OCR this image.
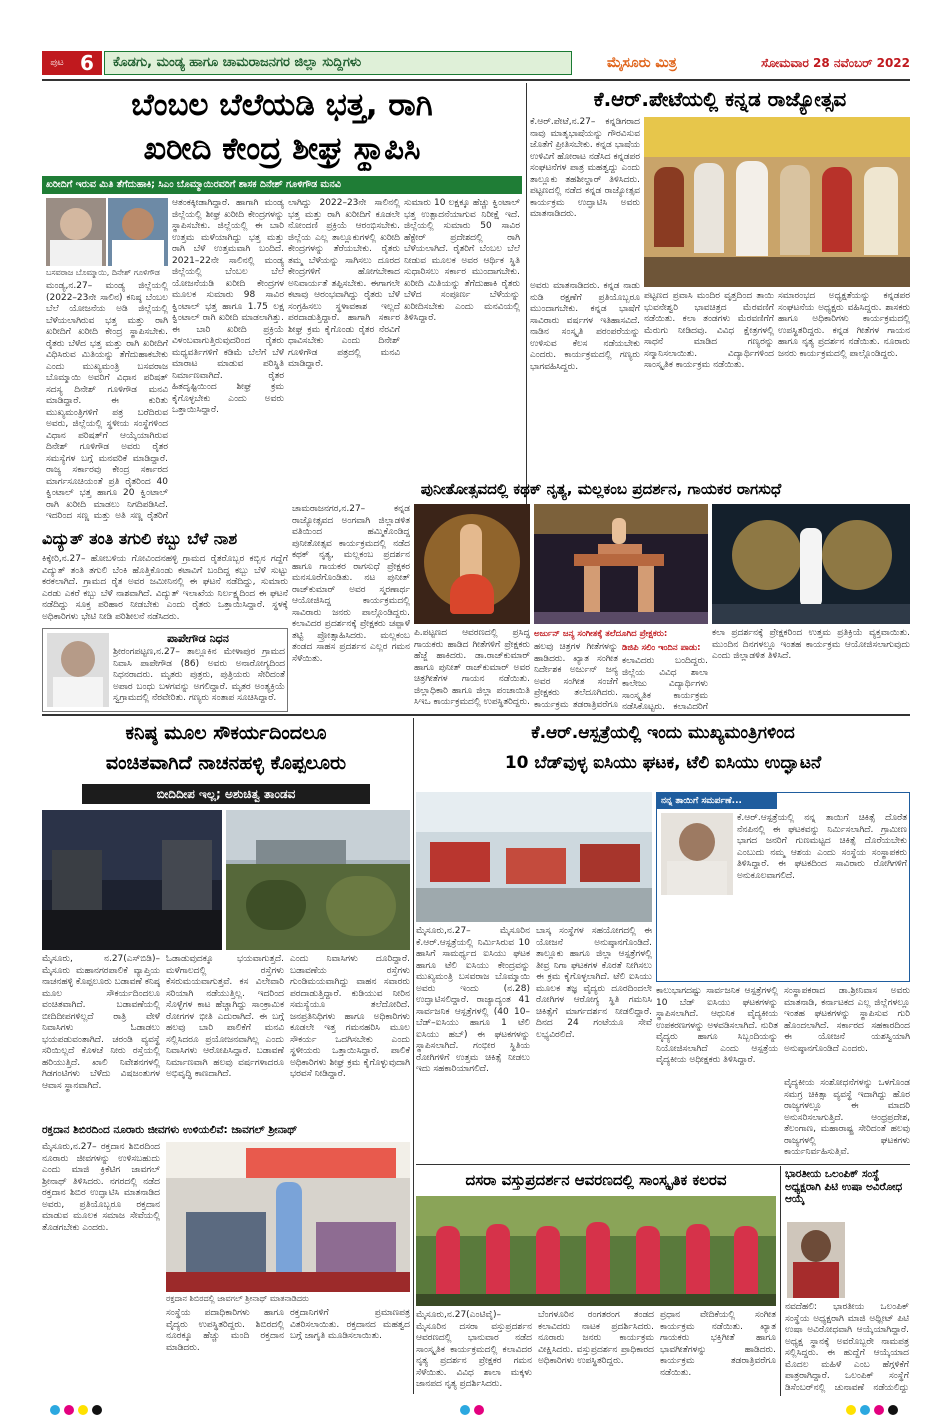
ಪುಟ 6	ಕೊಡಗು, ಮಂಡ್ಯ ಹಾಗೂ ಚಾಮರಾಜನಗರ ಜಿಲ್ಲಾ ಸುದ್ದಿಗಳು	ಮೈಸೂರು ಮಿತ್ರ	ಸೋಮವಾರ 28 ನವೆಂಬರ್ 2022
ಬೆಂಬಲ ಬೆಲೆಯಡಿ ಭತ್ತ, ರಾಗಿ
ಖರೀದಿ ಕೇಂದ್ರ ಶೀಘ್ರ ಸ್ಥಾಪಿಸಿ
ಖರೀದಿಗೆ ಇರುವ ಮಿತಿ ತೆಗೆದುಹಾಕಿ; ಸಿಎಂ ಬೊಮ್ಮಾಯಿರವರಿಗೆ ಶಾಸಕ ದಿನೇಶ್ ಗೂಳಿಗೌಡ ಮನವಿ
ಬಸವರಾಜ ಬೊಮ್ಮಾಯಿ, ದಿನೇಶ್ ಗೂಳಿಗೌಡ
ಮಂಡ್ಯ,ನ.27– ಮಂಡ್ಯ ಜಿಲ್ಲೆಯಲ್ಲಿ (2022–23ನೇ ಸಾಲಿನ) ಕನಿಷ್ಠ ಬೆಂಬಲ ಬೆಲೆ ಯೋಜನೆಯ ಅಡಿ ಜಿಲ್ಲೆಯಲ್ಲಿ ಬೆಳೆಯಲಾಗಿರುವ ಭತ್ತ ಮತ್ತು ರಾಗಿ ಖರೀದಿಗೆ ಖರೀದಿ ಕೇಂದ್ರ ಸ್ಥಾಪಿಸಬೇಕು. ರೈತರು ಬೆಳೆದ ಭತ್ತ ಮತ್ತು ರಾಗಿ ಖರೀದಿಗೆ ವಿಧಿಸಿರುವ ಮಿತಿಯನ್ನು ತೆಗೆದುಹಾಕಬೇಕು ಎಂದು ಮುಖ್ಯಮಂತ್ರಿ ಬಸವರಾಜ ಬೊಮ್ಮಾಯಿ ಅವರಿಗೆ ವಿಧಾನ ಪರಿಷತ್ ಸದಸ್ಯ ದಿನೇಶ್ ಗೂಳಿಗೌಡ ಮನವಿ ಮಾಡಿದ್ದಾರೆ. ಈ ಕುರಿತು ಮುಖ್ಯಮಂತ್ರಿಗಳಿಗೆ ಪತ್ರ ಬರೆದಿರುವ ಅವರು, ಜಿಲ್ಲೆಯಲ್ಲಿ ಸ್ಥಳೀಯ ಸಂಸ್ಥೆಗಳಿಂದ ವಿಧಾನ ಪರಿಷತ್‌ಗೆ ಆಯ್ಕೆಯಾಗಿರುವ ದಿನೇಶ್ ಗೂಳಿಗೌಡ ಅವರು ರೈತರ ಸಮಸ್ಯೆಗಳ ಬಗ್ಗೆ ಮನವರಿಕೆ ಮಾಡಿದ್ದಾರೆ. ರಾಜ್ಯ ಸರ್ಕಾರವು ಕೇಂದ್ರ ಸರ್ಕಾರದ ಮಾರ್ಗಸೂಚಿಯಂತೆ ಪ್ರತಿ ರೈತರಿಂದ 40 ಕ್ವಿಂಟಾಲ್ ಭತ್ತ ಹಾಗೂ 20 ಕ್ವಿಂಟಾಲ್ ರಾಗಿ ಖರೀದಿ ಮಾಡಲು ನಿಗದಿಪಡಿಸಿದೆ. ಇದರಿಂದ ಸಣ್ಣ ಮತ್ತು ಅತಿ ಸಣ್ಣ ರೈತರಿಗೆ
ಆತಂಕಕ್ಕೀಡಾಗಿದ್ದಾರೆ. ಹಾಗಾಗಿ ಮಂಡ್ಯ ಜಿಲ್ಲೆಯಲ್ಲಿ ಶೀಘ್ರ ಖರೀದಿ ಕೇಂದ್ರಗಳನ್ನು ಸ್ಥಾಪಿಸಬೇಕು. ಜಿಲ್ಲೆಯಲ್ಲಿ ಈ ಬಾರಿ ಉತ್ತಮ ಮಳೆಯಾಗಿದ್ದು ಭತ್ತ ಮತ್ತು ರಾಗಿ ಬೆಳೆ ಉತ್ತಮವಾಗಿ ಬಂದಿದೆ. 2021–22ನೇ ಸಾಲಿನಲ್ಲಿ ಮಂಡ್ಯ ಜಿಲ್ಲೆಯಲ್ಲಿ ಬೆಂಬಲ ಬೆಲೆ ಯೋಜನೆಯಡಿ ಖರೀದಿ ಕೇಂದ್ರಗಳ ಮೂಲಕ ಸುಮಾರು 98 ಸಾವಿರ ಕ್ವಿಂಟಾಲ್ ಭತ್ತ ಹಾಗೂ 1.75 ಲಕ್ಷ ಕ್ವಿಂಟಾಲ್ ರಾಗಿ ಖರೀದಿ ಮಾಡಲಾಗಿತ್ತು. ಈ ಬಾರಿ ಖರೀದಿ ಪ್ರಕ್ರಿಯೆ ವಿಳಂಬವಾಗುತ್ತಿರುವುದರಿಂದ ರೈತರು ಮಧ್ಯವರ್ತಿಗಳಿಗೆ ಕಡಿಮೆ ಬೆಲೆಗೆ ಬೆಳೆ ಮಾರಾಟ ಮಾಡುವ ಪರಿಸ್ಥಿತಿ ನಿರ್ಮಾಣವಾಗಿದೆ. ರೈತರ ಹಿತದೃಷ್ಟಿಯಿಂದ ಶೀಘ್ರ ಕ್ರಮ ಕೈಗೊಳ್ಳಬೇಕು ಎಂದು ಅವರು ಒತ್ತಾಯಿಸಿದ್ದಾರೆ.
ಲಾಗಿದ್ದು 2022–23ನೇ ಸಾಲಿನಲ್ಲಿ ಭತ್ತ ಮತ್ತು ರಾಗಿ ಖರೀದಿಗೆ ಕೂಡಲೇ ನೋಂದಣಿ ಪ್ರಕ್ರಿಯೆ ಆರಂಭಿಸಬೇಕು. ಜಿಲ್ಲೆಯ ಎಲ್ಲ ತಾಲ್ಲೂಕುಗಳಲ್ಲಿ ಖರೀದಿ ಕೇಂದ್ರಗಳನ್ನು ತೆರೆಯಬೇಕು. ರೈತರು ತಮ್ಮ ಬೆಳೆಯನ್ನು ಸಾಗಿಸಲು ದೂರದ ಕೇಂದ್ರಗಳಿಗೆ ಹೋಗಬೇಕಾದ ಅನಿವಾರ್ಯತೆ ತಪ್ಪಿಸಬೇಕು. ಈಗಾಗಲೇ ಕಟಾವು ಆರಂಭವಾಗಿದ್ದು ರೈತರು ಬೆಳೆ ಸಂಗ್ರಹಿಸಲು ಸ್ಥಳಾವಕಾಶ ಇಲ್ಲದೆ ಪರದಾಡುತ್ತಿದ್ದಾರೆ. ಹಾಗಾಗಿ ಸರ್ಕಾರ ಶೀಘ್ರ ಕ್ರಮ ಕೈಗೊಂಡು ರೈತರ ನೆರವಿಗೆ ಧಾವಿಸಬೇಕು ಎಂದು ದಿನೇಶ್ ಗೂಳಿಗೌಡ ಪತ್ರದಲ್ಲಿ ಮನವಿ ಮಾಡಿದ್ದಾರೆ.
ಸುಮಾರು 10 ಲಕ್ಷಕ್ಕೂ ಹೆಚ್ಚು ಕ್ವಿಂಟಾಲ್ ಭತ್ತ ಉತ್ಪಾದನೆಯಾಗುವ ನಿರೀಕ್ಷೆ ಇದೆ. ಜಿಲ್ಲೆಯಲ್ಲಿ ಸುಮಾರು 50 ಸಾವಿರ ಹೆಕ್ಟೇರ್ ಪ್ರದೇಶದಲ್ಲಿ ರಾಗಿ ಬೆಳೆಯಲಾಗಿದೆ. ರೈತರಿಗೆ ಬೆಂಬಲ ಬೆಲೆ ನೀಡುವ ಮೂಲಕ ಅವರ ಆರ್ಥಿಕ ಸ್ಥಿತಿ ಸುಧಾರಿಸಲು ಸರ್ಕಾರ ಮುಂದಾಗಬೇಕು. ಖರೀದಿ ಮಿತಿಯನ್ನು ತೆಗೆದುಹಾಕಿ ರೈತರು ಬೆಳೆದ ಸಂಪೂರ್ಣ ಬೆಳೆಯನ್ನು ಖರೀದಿಸಬೇಕು ಎಂದು ಮನವಿಯಲ್ಲಿ ತಿಳಿಸಿದ್ದಾರೆ.
ಕೆ.ಆರ್.ಪೇಟೆಯಲ್ಲಿ ಕನ್ನಡ ರಾಜ್ಯೋತ್ಸವ
ಕೆ.ಆರ್.ಪೇಟೆ,ನ.27– ಕನ್ನಡಿಗರಾದ ನಾವು ಮಾತೃಭಾಷೆಯನ್ನು ಗೌರವಿಸುವ ಜೊತೆಗೆ ಪ್ರೀತಿಸಬೇಕು. ಕನ್ನಡ ಭಾಷೆಯ ಉಳಿವಿಗೆ ಹೋರಾಟ ನಡೆಸಿದ ಕನ್ನಡಪರ ಸಂಘಟನೆಗಳ ಪಾತ್ರ ಮಹತ್ವದ್ದು ಎಂದು ತಾಲ್ಲೂಕು ತಹಶೀಲ್ದಾರ್ ತಿಳಿಸಿದರು. ಪಟ್ಟಣದಲ್ಲಿ ನಡೆದ ಕನ್ನಡ ರಾಜ್ಯೋತ್ಸವ ಕಾರ್ಯಕ್ರಮ ಉದ್ಘಾಟಿಸಿ ಅವರು ಮಾತನಾಡಿದರು.
ಅವರು ಮಾತನಾಡಿದರು. ಕನ್ನಡ ನಾಡು ನುಡಿ ರಕ್ಷಣೆಗೆ ಪ್ರತಿಯೊಬ್ಬರೂ ಮುಂದಾಗಬೇಕು. ಕನ್ನಡ ಭಾಷೆಗೆ ಸಾವಿರಾರು ವರ್ಷಗಳ ಇತಿಹಾಸವಿದೆ. ನಾಡಿನ ಸಂಸ್ಕೃತಿ ಪರಂಪರೆಯನ್ನು ಉಳಿಸುವ ಕೆಲಸ ನಡೆಯಬೇಕು ಎಂದರು. ಕಾರ್ಯಕ್ರಮದಲ್ಲಿ ಗಣ್ಯರು ಭಾಗವಹಿಸಿದ್ದರು.
ಪಟ್ಟಣದ ಪ್ರವಾಸಿ ಮಂದಿರ ವೃತ್ತದಿಂದ ತಾಯಿ ಭುವನೇಶ್ವರಿ ಭಾವಚಿತ್ರದ ಮೆರವಣಿಗೆ ನಡೆಯಿತು. ಕಲಾ ತಂಡಗಳು ಮೆರವಣಿಗೆಗೆ ಮೆರುಗು ನೀಡಿದವು. ವಿವಿಧ ಕ್ಷೇತ್ರಗಳಲ್ಲಿ ಸಾಧನೆ ಮಾಡಿದ ಗಣ್ಯರನ್ನು ಸನ್ಮಾನಿಸಲಾಯಿತು. ವಿದ್ಯಾರ್ಥಿಗಳಿಂದ ಸಾಂಸ್ಕೃತಿಕ ಕಾರ್ಯಕ್ರಮ ನಡೆಯಿತು.
ಸಮಾರಂಭದ ಅಧ್ಯಕ್ಷತೆಯನ್ನು ಕನ್ನಡಪರ ಸಂಘಟನೆಯ ಅಧ್ಯಕ್ಷರು ವಹಿಸಿದ್ದರು. ಶಾಸಕರು ಹಾಗೂ ಅಧಿಕಾರಿಗಳು ಕಾರ್ಯಕ್ರಮದಲ್ಲಿ ಉಪಸ್ಥಿತರಿದ್ದರು. ಕನ್ನಡ ಗೀತೆಗಳ ಗಾಯನ ಹಾಗೂ ನೃತ್ಯ ಪ್ರದರ್ಶನ ನಡೆಯಿತು. ನೂರಾರು ಜನರು ಕಾರ್ಯಕ್ರಮದಲ್ಲಿ ಪಾಲ್ಗೊಂಡಿದ್ದರು.
ವಿದ್ಯುತ್ ತಂತಿ ತಗುಲಿ ಕಬ್ಬು ಬೆಳೆ ನಾಶ
ಕಿಕ್ಕೇರಿ,ನ.27– ಹೋಬಳಿಯ ಗೋವಿಂದನಹಳ್ಳಿ ಗ್ರಾಮದ ರೈತರೊಬ್ಬರ ಕಬ್ಬಿನ ಗದ್ದೆಗೆ ವಿದ್ಯುತ್ ತಂತಿ ತಗುಲಿ ಬೆಂಕಿ ಹೊತ್ತಿಕೊಂಡು ಕಟಾವಿಗೆ ಬಂದಿದ್ದ ಕಬ್ಬು ಬೆಳೆ ಸುಟ್ಟು ಕರಕಲಾಗಿದೆ. ಗ್ರಾಮದ ರೈತ ಅವರ ಜಮೀನಿನಲ್ಲಿ ಈ ಘಟನೆ ನಡೆದಿದ್ದು, ಸುಮಾರು ಎರಡು ಎಕರೆ ಕಬ್ಬು ಬೆಳೆ ನಾಶವಾಗಿದೆ. ವಿದ್ಯುತ್ ಇಲಾಖೆಯ ನಿರ್ಲಕ್ಷ್ಯದಿಂದ ಈ ಘಟನೆ ನಡೆದಿದ್ದು ಸೂಕ್ತ ಪರಿಹಾರ ನೀಡಬೇಕು ಎಂದು ರೈತರು ಒತ್ತಾಯಿಸಿದ್ದಾರೆ. ಸ್ಥಳಕ್ಕೆ ಅಧಿಕಾರಿಗಳು ಭೇಟಿ ನೀಡಿ ಪರಿಶೀಲನೆ ನಡೆಸಿದರು.
ಪಾಪೇಗೌಡ ನಿಧನ
ಶ್ರೀರಂಗಪಟ್ಟಣ,ನ.27– ತಾಲ್ಲೂಕಿನ ಮೇಳಾಪುರ ಗ್ರಾಮದ ನಿವಾಸಿ ಪಾಪೇಗೌಡ (86) ಅವರು ಅನಾರೋಗ್ಯದಿಂದ ನಿಧನರಾದರು. ಮೃತರು ಪುತ್ರರು, ಪುತ್ರಿಯರು ಸೇರಿದಂತೆ ಅಪಾರ ಬಂಧು ಬಳಗವನ್ನು ಅಗಲಿದ್ದಾರೆ. ಮೃತರ ಅಂತ್ಯಕ್ರಿಯೆ ಸ್ವಗ್ರಾಮದಲ್ಲಿ ನೆರವೇರಿತು. ಗಣ್ಯರು ಸಂತಾಪ ಸೂಚಿಸಿದ್ದಾರೆ.
ಪುನೀತೋತ್ಸವದಲ್ಲಿ ಕಥಕ್ ನೃತ್ಯ, ಮಲ್ಲಕಂಬ ಪ್ರದರ್ಶನ, ಗಾಯಕರ ರಾಗಸುಧೆ
ಚಾಮರಾಜನಗರ,ನ.27– ಕನ್ನಡ ರಾಜ್ಯೋತ್ಸವದ ಅಂಗವಾಗಿ ಜಿಲ್ಲಾಡಳಿತ ವತಿಯಿಂದ ಹಮ್ಮಿಕೊಂಡಿದ್ದ ಪುನೀತೋತ್ಸವ ಕಾರ್ಯಕ್ರಮದಲ್ಲಿ ನಡೆದ ಕಥಕ್ ನೃತ್ಯ, ಮಲ್ಲಕಂಬ ಪ್ರದರ್ಶನ ಹಾಗೂ ಗಾಯಕರ ರಾಗಸುಧೆ ಪ್ರೇಕ್ಷಕರ ಮನಸೂರೆಗೊಂಡಿತು. ನಟ ಪುನೀತ್ ರಾಜ್‌ಕುಮಾರ್ ಅವರ ಸ್ಮರಣಾರ್ಥ ಆಯೋಜಿಸಿದ್ದ ಕಾರ್ಯಕ್ರಮದಲ್ಲಿ ಸಾವಿರಾರು ಜನರು ಪಾಲ್ಗೊಂಡಿದ್ದರು. ಕಲಾವಿದರ ಪ್ರದರ್ಶನಕ್ಕೆ ಪ್ರೇಕ್ಷಕರು ಚಪ್ಪಾಳೆ ತಟ್ಟಿ ಪ್ರೋತ್ಸಾಹಿಸಿದರು. ಮಲ್ಲಕಂಬ ತಂಡದ ಸಾಹಸ ಪ್ರದರ್ಶನ ಎಲ್ಲರ ಗಮನ ಸೆಳೆಯಿತು.
ಪಿ.ಪಟ್ಟಣದ ಆವರಣದಲ್ಲಿ ಪ್ರಸಿದ್ಧ ಗಾಯಕರು ಹಾಡಿದ ಗೀತೆಗಳಿಗೆ ಪ್ರೇಕ್ಷಕರು ಹೆಜ್ಜೆ ಹಾಕಿದರು. ಡಾ.ರಾಜ್‌ಕುಮಾರ್ ಹಾಗೂ ಪುನೀತ್ ರಾಜ್‌ಕುಮಾರ್ ಅವರ ಚಿತ್ರಗೀತೆಗಳ ಗಾಯನ ನಡೆಯಿತು. ಜಿಲ್ಲಾಧಿಕಾರಿ ಹಾಗೂ ಜಿಲ್ಲಾ ಪಂಚಾಯಿತಿ ಸಿಇಒ ಕಾರ್ಯಕ್ರಮದಲ್ಲಿ ಉಪಸ್ಥಿತರಿದ್ದರು.
ಅರ್ಜುನ್ ಜನ್ಯ ಸಂಗೀತಕ್ಕೆ ತಲೆದೂಗಿದ ಪ್ರೇಕ್ಷಕರು:
ಹಲವು ಚಿತ್ರಗಳ ಗೀತೆಗಳನ್ನು ಹಾಡಿದರು. ಖ್ಯಾತ ಸಂಗೀತ ನಿರ್ದೇಶಕ ಅರ್ಜುನ್ ಜನ್ಯ ಅವರ ಸಂಗೀತ ಸಂಜೆಗೆ ಪ್ರೇಕ್ಷಕರು ತಲೆದೂಗಿದರು. ಕಾರ್ಯಕ್ರಮ ತಡರಾತ್ರಿವರೆಗೂ
ಡಿಜಿಪಿ ಸಲಿಂ ಇಂದಿನ ಪಾಡು:
ಕಲಾವಿದರು ಬಂದಿದ್ದರು. ಜಿಲ್ಲೆಯ ವಿವಿಧ ಶಾಲಾ ಕಾಲೇಜು ವಿದ್ಯಾರ್ಥಿಗಳು ಸಾಂಸ್ಕೃತಿಕ ಕಾರ್ಯಕ್ರಮ ನಡೆಸಿಕೊಟ್ಟರು. ಕಲಾವಿದರಿಗೆ
ಕಲಾ ಪ್ರದರ್ಶನಕ್ಕೆ ಪ್ರೇಕ್ಷಕರಿಂದ ಉತ್ತಮ ಪ್ರತಿಕ್ರಿಯೆ ವ್ಯಕ್ತವಾಯಿತು. ಮುಂದಿನ ದಿನಗಳಲ್ಲೂ ಇಂತಹ ಕಾರ್ಯಕ್ರಮ ಆಯೋಜಿಸಲಾಗುವುದು ಎಂದು ಜಿಲ್ಲಾಡಳಿತ ತಿಳಿಸಿದೆ.
ಕನಿಷ್ಠ ಮೂಲ ಸೌಕರ್ಯದಿಂದಲೂ
ವಂಚಿತವಾಗಿದೆ ನಾಚನಹಳ್ಳಿ ಕೊಪ್ಪಲೂರು
ಬೀದಿದೀಪ ಇಲ್ಲ; ಅಶುಚಿತ್ವ ತಾಂಡವ
ಮೈಸೂರು, ನ.27(ಎಸ್‌ಬಿಡಿ)– ಮೈಸೂರು ಮಹಾನಗರಪಾಲಿಕೆ ವ್ಯಾಪ್ತಿಯ ನಾಚನಹಳ್ಳಿ ಕೊಪ್ಪಲೂರು ಬಡಾವಣೆ ಕನಿಷ್ಠ ಮೂಲ ಸೌಕರ್ಯದಿಂದಲೂ ವಂಚಿತವಾಗಿದೆ. ಬಡಾವಣೆಯಲ್ಲಿ ಬೀದಿದೀಪಗಳಿಲ್ಲದೆ ರಾತ್ರಿ ವೇಳೆ ನಿವಾಸಿಗಳು ಓಡಾಡಲು ಭಯಪಡುವಂತಾಗಿದೆ. ಚರಂಡಿ ವ್ಯವಸ್ಥೆ ಸರಿಯಿಲ್ಲದೆ ಕೊಳಚೆ ನೀರು ರಸ್ತೆಯಲ್ಲಿ ಹರಿಯುತ್ತಿದೆ. ಖಾಲಿ ನಿವೇಶನಗಳಲ್ಲಿ ಗಿಡಗಂಟಿಗಳು ಬೆಳೆದು ವಿಷಜಂತುಗಳ ಆವಾಸ ಸ್ಥಾನವಾಗಿದೆ.
ಓಡಾಡುವುದಕ್ಕೂ ಭಯವಾಗುತ್ತದೆ. ಮಳೆಗಾಲದಲ್ಲಿ ರಸ್ತೆಗಳು ಕೆಸರುಮಯವಾಗುತ್ತವೆ. ಕಸ ವಿಲೇವಾರಿ ಸರಿಯಾಗಿ ನಡೆಯುತ್ತಿಲ್ಲ. ಇದರಿಂದ ಸೊಳ್ಳೆಗಳ ಕಾಟ ಹೆಚ್ಚಾಗಿದ್ದು ಸಾಂಕ್ರಾಮಿಕ ರೋಗಗಳ ಭೀತಿ ಎದುರಾಗಿದೆ. ಈ ಬಗ್ಗೆ ಹಲವು ಬಾರಿ ಪಾಲಿಕೆಗೆ ಮನವಿ ಸಲ್ಲಿಸಿದರೂ ಪ್ರಯೋಜನವಾಗಿಲ್ಲ ಎಂದು ನಿವಾಸಿಗಳು ಆರೋಪಿಸಿದ್ದಾರೆ. ಬಡಾವಣೆ ನಿರ್ಮಾಣವಾಗಿ ಹಲವು ವರ್ಷಗಳಾದರೂ ಅಭಿವೃದ್ಧಿ ಕಾಣದಾಗಿದೆ.
ಎಂದು ನಿವಾಸಿಗಳು ದೂರಿದ್ದಾರೆ. ಬಡಾವಣೆಯ ರಸ್ತೆಗಳು ಗುಂಡಿಮಯವಾಗಿದ್ದು ವಾಹನ ಸವಾರರು ಪರದಾಡುತ್ತಿದ್ದಾರೆ. ಕುಡಿಯುವ ನೀರಿನ ಸಮಸ್ಯೆಯೂ ತಲೆದೋರಿದೆ. ಜನಪ್ರತಿನಿಧಿಗಳು ಹಾಗೂ ಅಧಿಕಾರಿಗಳು ಕೂಡಲೇ ಇತ್ತ ಗಮನಹರಿಸಿ ಮೂಲ ಸೌಕರ್ಯ ಒದಗಿಸಬೇಕು ಎಂದು ಸ್ಥಳೀಯರು ಒತ್ತಾಯಿಸಿದ್ದಾರೆ. ಪಾಲಿಕೆ ಅಧಿಕಾರಿಗಳು ಶೀಘ್ರ ಕ್ರಮ ಕೈಗೊಳ್ಳುವುದಾಗಿ ಭರವಸೆ ನೀಡಿದ್ದಾರೆ.
ರಕ್ತದಾನ ಶಿಬಿರದಿಂದ ನೂರಾರು ಜೀವಗಳು ಉಳಿಯಲಿವೆ: ಜಾವಗಲ್ ಶ್ರೀನಾಥ್
ಮೈಸೂರು,ನ.27– ರಕ್ತದಾನ ಶಿಬಿರದಿಂದ ನೂರಾರು ಜೀವಗಳನ್ನು ಉಳಿಸಬಹುದು ಎಂದು ಮಾಜಿ ಕ್ರಿಕೆಟಿಗ ಜಾವಗಲ್ ಶ್ರೀನಾಥ್ ತಿಳಿಸಿದರು. ನಗರದಲ್ಲಿ ನಡೆದ ರಕ್ತದಾನ ಶಿಬಿರ ಉದ್ಘಾಟಿಸಿ ಮಾತನಾಡಿದ ಅವರು, ಪ್ರತಿಯೊಬ್ಬರೂ ರಕ್ತದಾನ ಮಾಡುವ ಮೂಲಕ ಸಮಾಜ ಸೇವೆಯಲ್ಲಿ ತೊಡಗಬೇಕು ಎಂದರು.
ರಕ್ತದಾನ ಶಿಬಿರದಲ್ಲಿ ಜಾವಗಲ್ ಶ್ರೀನಾಥ್ ಮಾತನಾಡಿದರು
ಸಂಸ್ಥೆಯ ಪದಾಧಿಕಾರಿಗಳು ಹಾಗೂ ವೈದ್ಯರು ಉಪಸ್ಥಿತರಿದ್ದರು. ಶಿಬಿರದಲ್ಲಿ ನೂರಕ್ಕೂ ಹೆಚ್ಚು ಮಂದಿ ರಕ್ತದಾನ ಮಾಡಿದರು.
ರಕ್ತದಾನಿಗಳಿಗೆ ಪ್ರಮಾಣಪತ್ರ ವಿತರಿಸಲಾಯಿತು. ರಕ್ತದಾನದ ಮಹತ್ವದ ಬಗ್ಗೆ ಜಾಗೃತಿ ಮೂಡಿಸಲಾಯಿತು.
ಕೆ.ಆರ್.ಆಸ್ಪತ್ರೆಯಲ್ಲಿ ಇಂದು ಮುಖ್ಯಮಂತ್ರಿಗಳಿಂದ
10 ಬೆಡ್‌ವುಳ್ಳ ಐಸಿಯು ಘಟಕ, ಟೆಲಿ ಐಸಿಯು ಉದ್ಘಾಟನೆ
ನನ್ನ ತಾಯಿಗೆ ಸಮರ್ಪಣೆ...
ಕೆ.ಆರ್.ಆಸ್ಪತ್ರೆಯಲ್ಲಿ ನನ್ನ ತಾಯಿಗೆ ಚಿಕಿತ್ಸೆ ದೊರೆತ ನೆನಪಿನಲ್ಲಿ ಈ ಘಟಕವನ್ನು ನಿರ್ಮಿಸಲಾಗಿದೆ. ಗ್ರಾಮೀಣ ಭಾಗದ ಜನರಿಗೆ ಗುಣಮಟ್ಟದ ಚಿಕಿತ್ಸೆ ದೊರೆಯಬೇಕು ಎಂಬುದು ನಮ್ಮ ಆಶಯ ಎಂದು ಸಂಸ್ಥೆಯ ಸಂಸ್ಥಾಪಕರು ತಿಳಿಸಿದ್ದಾರೆ. ಈ ಘಟಕದಿಂದ ಸಾವಿರಾರು ರೋಗಿಗಳಿಗೆ ಅನುಕೂಲವಾಗಲಿದೆ.
ಮೈಸೂರು,ನ.27– ಮೈಸೂರಿನ ಕೆ.ಆರ್.ಆಸ್ಪತ್ರೆಯಲ್ಲಿ ನಿರ್ಮಿಸಿರುವ 10 ಹಾಸಿಗೆ ಸಾಮರ್ಥ್ಯದ ಐಸಿಯು ಘಟಕ ಹಾಗೂ ಟೆಲಿ ಐಸಿಯು ಕೇಂದ್ರವನ್ನು ಮುಖ್ಯಮಂತ್ರಿ ಬಸವರಾಜ ಬೊಮ್ಮಾಯಿ ಅವರು ಇಂದು (ನ.28) ಉದ್ಘಾಟಿಸಲಿದ್ದಾರೆ. ರಾಜ್ಯಾದ್ಯಂತ 41 ಸಾರ್ವಜನಿಕ ಆಸ್ಪತ್ರೆಗಳಲ್ಲಿ (40 10–ಬೆಡ್–ಐಸಿಯು ಹಾಗೂ 1 ಟೆಲಿ ಐಸಿಯು ಹಬ್) ಈ ಘಟಕಗಳನ್ನು ಸ್ಥಾಪಿಸಲಾಗಿದೆ. ಗಂಭೀರ ಸ್ಥಿತಿಯ ರೋಗಿಗಳಿಗೆ ಉತ್ತಮ ಚಿಕಿತ್ಸೆ ನೀಡಲು ಇದು ಸಹಕಾರಿಯಾಗಲಿದೆ.
ಬಾಸ್ಕ ಸಂಸ್ಥೆಗಳ ಸಹಯೋಗದಲ್ಲಿ ಈ ಯೋಜನೆ ಅನುಷ್ಠಾನಗೊಂಡಿದೆ. ತಾಲ್ಲೂಕು ಹಾಗೂ ಜಿಲ್ಲಾ ಆಸ್ಪತ್ರೆಗಳಲ್ಲಿ ತೀವ್ರ ನಿಗಾ ಘಟಕಗಳ ಕೊರತೆ ನೀಗಿಸಲು ಈ ಕ್ರಮ ಕೈಗೊಳ್ಳಲಾಗಿದೆ. ಟೆಲಿ ಐಸಿಯು ಮೂಲಕ ತಜ್ಞ ವೈದ್ಯರು ದೂರದಿಂದಲೇ ರೋಗಿಗಳ ಆರೋಗ್ಯ ಸ್ಥಿತಿ ಗಮನಿಸಿ ಚಿಕಿತ್ಸೆಗೆ ಮಾರ್ಗದರ್ಶನ ನೀಡಲಿದ್ದಾರೆ. ದಿನದ 24 ಗಂಟೆಯೂ ಸೇವೆ ಲಭ್ಯವಿರಲಿದೆ.
ಕಾಲುಭಾಗದಷ್ಟು ಸಾರ್ವಜನಿಕ ಆಸ್ಪತ್ರೆಗಳಲ್ಲಿ 10 ಬೆಡ್ ಐಸಿಯು ಘಟಕಗಳನ್ನು ಸ್ಥಾಪಿಸಲಾಗಿದೆ. ಆಧುನಿಕ ವೈದ್ಯಕೀಯ ಉಪಕರಣಗಳನ್ನು ಅಳವಡಿಸಲಾಗಿದೆ. ನುರಿತ ವೈದ್ಯರು ಹಾಗೂ ಸಿಬ್ಬಂದಿಯನ್ನು ನಿಯೋಜಿಸಲಾಗಿದೆ ಎಂದು ಆಸ್ಪತ್ರೆಯ ವೈದ್ಯಕೀಯ ಅಧೀಕ್ಷಕರು ತಿಳಿಸಿದ್ದಾರೆ.
ಸಂಸ್ಥಾಪಕರಾದ ಡಾ.ಶ್ರೀನಿವಾಸ ಅವರು ಮಾತನಾಡಿ, ಕರ್ನಾಟಕದ ಎಲ್ಲ ಜಿಲ್ಲೆಗಳಲ್ಲೂ ಇಂತಹ ಘಟಕಗಳನ್ನು ಸ್ಥಾಪಿಸುವ ಗುರಿ ಹೊಂದಲಾಗಿದೆ. ಸರ್ಕಾರದ ಸಹಕಾರದಿಂದ ಈ ಯೋಜನೆ ಯಶಸ್ವಿಯಾಗಿ ಅನುಷ್ಠಾನಗೊಂಡಿದೆ ಎಂದರು.
ವೈದ್ಯಕೀಯ ಸಂಶೋಧನೆಗಳನ್ನು ಒಳಗೊಂಡ ಸಮಗ್ರ ಚಿಕಿತ್ಸಾ ವ್ಯವಸ್ಥೆ ಇದಾಗಿದ್ದು ಹೊರ ರಾಜ್ಯಗಳಲ್ಲೂ ಈ ಮಾದರಿ ಅನುಸರಿಸಲಾಗುತ್ತಿದೆ. ಆಂಧ್ರಪ್ರದೇಶ, ತೆಲಂಗಾಣ, ಮಹಾರಾಷ್ಟ್ರ ಸೇರಿದಂತೆ ಹಲವು ರಾಜ್ಯಗಳಲ್ಲಿ ಘಟಕಗಳು ಕಾರ್ಯನಿರ್ವಹಿಸುತ್ತಿವೆ.
ದಸರಾ ವಸ್ತುಪ್ರದರ್ಶನ ಆವರಣದಲ್ಲಿ ಸಾಂಸ್ಕೃತಿಕ ಕಲರವ
ಮೈಸೂರು,ನ.27(ಎಂಟಿವೈ)– ಮೈಸೂರಿನ ದಸರಾ ವಸ್ತುಪ್ರದರ್ಶನ ಆವರಣದಲ್ಲಿ ಭಾನುವಾರ ನಡೆದ ಸಾಂಸ್ಕೃತಿಕ ಕಾರ್ಯಕ್ರಮದಲ್ಲಿ ಕಲಾವಿದರ ನೃತ್ಯ ಪ್ರದರ್ಶನ ಪ್ರೇಕ್ಷಕರ ಗಮನ ಸೆಳೆಯಿತು. ವಿವಿಧ ಶಾಲಾ ಮಕ್ಕಳು ಜಾನಪದ ನೃತ್ಯ ಪ್ರದರ್ಶಿಸಿದರು.
ಬೆಂಗಳೂರಿನ ರಂಗತರಂಗ ತಂಡದ ಕಲಾವಿದರು ನಾಟಕ ಪ್ರದರ್ಶಿಸಿದರು. ನೂರಾರು ಜನರು ಕಾರ್ಯಕ್ರಮ ವೀಕ್ಷಿಸಿದರು. ವಸ್ತುಪ್ರದರ್ಶನ ಪ್ರಾಧಿಕಾರದ ಅಧಿಕಾರಿಗಳು ಉಪಸ್ಥಿತರಿದ್ದರು.
ಪ್ರಧಾನ ವೇದಿಕೆಯಲ್ಲಿ ಸಂಗೀತ ಕಾರ್ಯಕ್ರಮ ನಡೆಯಿತು. ಖ್ಯಾತ ಗಾಯಕರು ಭಕ್ತಿಗೀತೆ ಹಾಗೂ ಭಾವಗೀತೆಗಳನ್ನು ಹಾಡಿದರು. ಕಾರ್ಯಕ್ರಮ ತಡರಾತ್ರಿವರೆಗೂ ನಡೆಯಿತು.
ಭಾರತೀಯ ಒಲಂಪಿಕ್ ಸಂಸ್ಥೆ ಅಧ್ಯಕ್ಷರಾಗಿ ಪಿಟಿ ಉಷಾ ಅವಿರೋಧ ಆಯ್ಕೆ
ನವದೆಹಲಿ: ಭಾರತೀಯ ಒಲಂಪಿಕ್ ಸಂಸ್ಥೆಯ ಅಧ್ಯಕ್ಷರಾಗಿ ಮಾಜಿ ಅಥ್ಲೀಟ್ ಪಿಟಿ ಉಷಾ ಅವಿರೋಧವಾಗಿ ಆಯ್ಕೆಯಾಗಿದ್ದಾರೆ. ಅಧ್ಯಕ್ಷ ಸ್ಥಾನಕ್ಕೆ ಅವರೊಬ್ಬರೇ ನಾಮಪತ್ರ ಸಲ್ಲಿಸಿದ್ದರು. ಈ ಹುದ್ದೆಗೆ ಆಯ್ಕೆಯಾದ ಮೊದಲ ಮಹಿಳೆ ಎಂಬ ಹೆಗ್ಗಳಿಕೆಗೆ ಪಾತ್ರರಾಗಿದ್ದಾರೆ. ಒಲಂಪಿಕ್ ಸಂಸ್ಥೆಗೆ ಡಿಸೆಂಬರ್‌ನಲ್ಲಿ ಚುನಾವಣೆ ನಡೆಯಲಿದ್ದು
